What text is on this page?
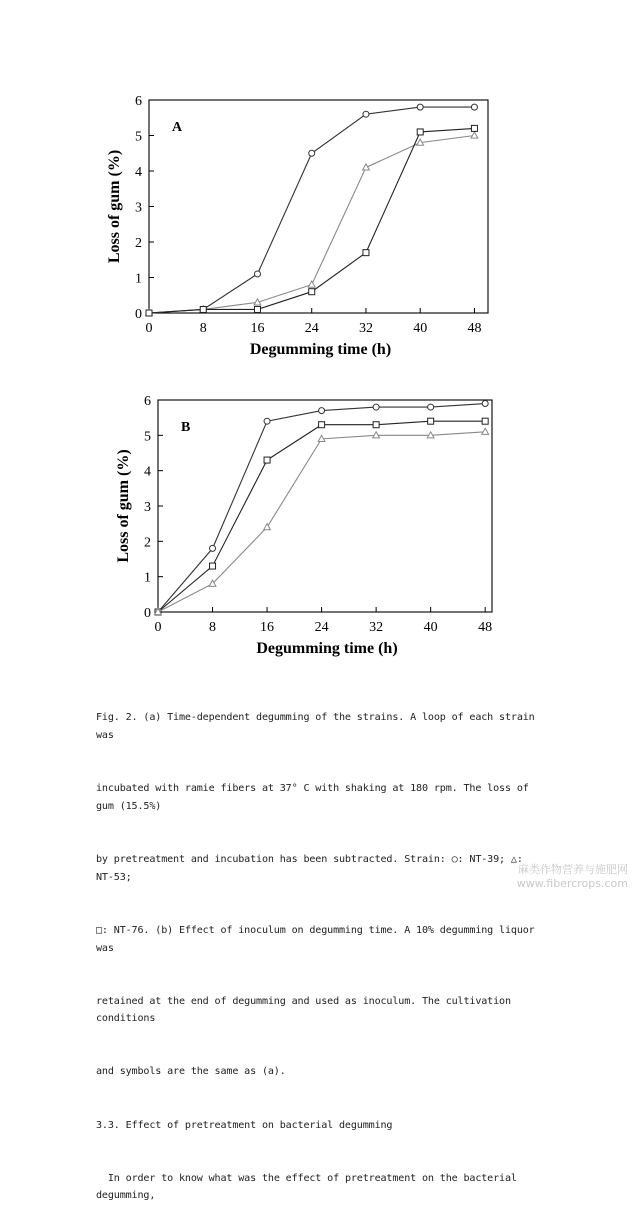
0	8	16	24	32	40	48
0
1
2
3
4
5
6
Degumming time (h)
Loss of gum (%)
A
0	8	16	24	32	40	48
0
1
2
3
4
5
6
Degumming time (h)
Loss of gum (%)
B

Fig. 2. (a) Time-dependent degumming of the strains. A loop of each strain was

incubated with ramie fibers at 37° C with shaking at 180 rpm. The loss of gum (15.5%)

by pretreatment and incubation has been subtracted. Strain: ○: NT-39; △: NT-53;

□: NT-76. (b) Effect of inoculum on degumming time. A 10% degumming liquor was

retained at the end of degumming and used as inoculum. The cultivation conditions

and symbols are the same as (a).

3.3. Effect of pretreatment on bacterial degumming

In order to know what was the effect of pretreatment on the bacterial degumming,

麻类作物营养与施肥网
www.fibercrops.com
